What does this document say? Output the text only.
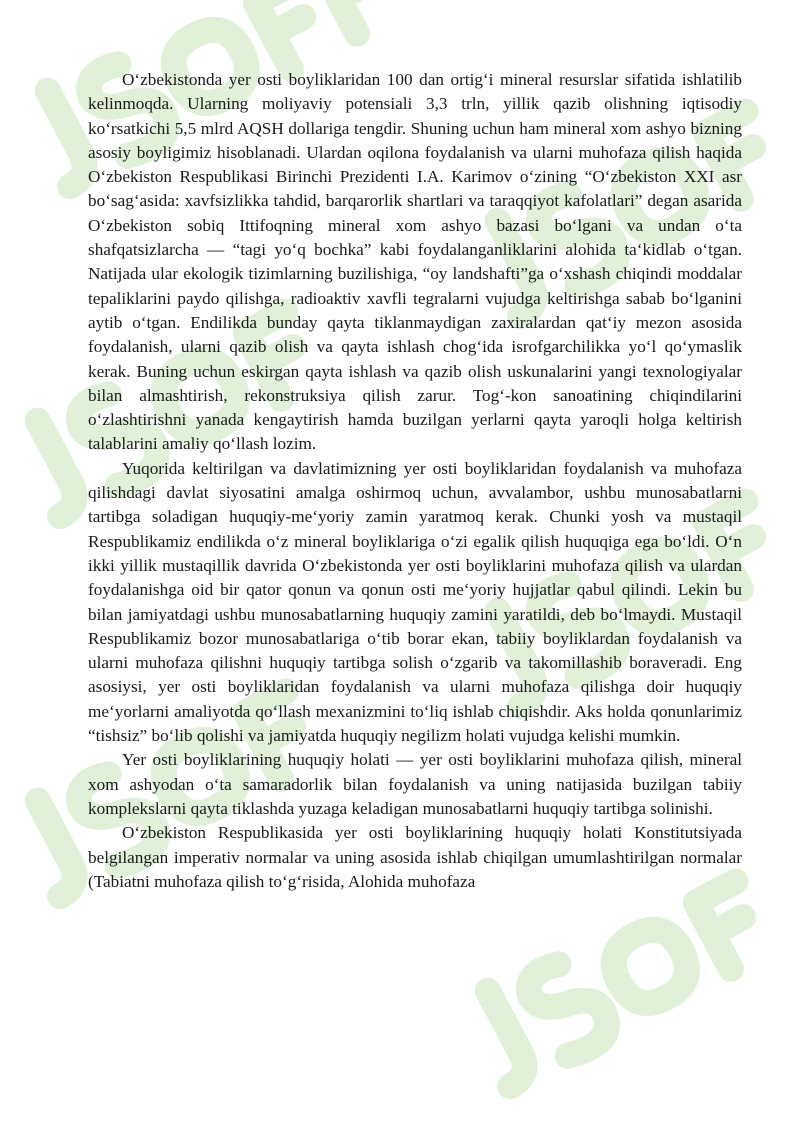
O‘zbekistonda yer osti boyliklaridan 100 dan ortig‘i mineral resurslar sifatida ishlatilib kelinmoqda. Ularning moliyaviy potensiali 3,3 trln, yillik qazib olishning iqtisodiy ko‘rsatkichi 5,5 mlrd AQSH dollariga tengdir. Shuning uchun ham mineral xom ashyo bizning asosiy boyligimiz hisoblanadi. Ulardan oqilona foydalanish va ularni muhofaza qilish haqida O‘zbekiston Respublikasi Birinchi Prezidenti I.A. Karimov o‘zining “O‘zbekiston XXI asr bo‘sag‘asida: xavfsizlikka tahdid, barqarorlik shartlari va taraqqiyot kafolatlari” degan asarida O‘zbekiston sobiq Ittifoqning mineral xom ashyo bazasi bo‘lgani va undan o‘ta shafqatsizlarcha — “tagi yo‘q bochka” kabi foydalanganliklarini alohida ta‘kidlab o‘tgan. Natijada ular ekologik tizimlarning buzilishiga, “oy landshafti”ga o‘xshash chiqindi moddalar tepaliklarini paydo qilishga, radioaktiv xavfli tegralarni vujudga keltirishga sabab bo‘lganini aytib o‘tgan. Endilikda bunday qayta tiklanmaydigan zaxiralardan qat‘iy mezon asosida foydalanish, ularni qazib olish va qayta ishlash chog‘ida isrofgarchilikka yo‘l qo‘ymaslik kerak. Buning uchun eskirgan qayta ishlash va qazib olish uskunalarini yangi texnologiyalar bilan almashtirish, rekonstruksiya qilish zarur. Tog‘-kon sanoatining chiqindilarini o‘zlashtirishni yanada kengaytirish hamda buzilgan yerlarni qayta yaroqli holga keltirish talablarini amaliy qo‘llash lozim.

Yuqorida keltirilgan va davlatimizning yer osti boyliklaridan foydalanish va muhofaza qilishdagi davlat siyosatini amalga oshirmoq uchun, avvalambor, ushbu munosabatlarni tartibga soladigan huquqiy-me‘yoriy zamin yaratmoq kerak. Chunki yosh va mustaqil Respublikamiz endilikda o‘z mineral boyliklariga o‘zi egalik qilish huquqiga ega bo‘ldi. O‘n ikki yillik mustaqillik davrida O‘zbekistonda yer osti boyliklarini muhofaza qilish va ulardan foydalanishga oid bir qator qonun va qonun osti me‘yoriy hujjatlar qabul qilindi. Lekin bu bilan jamiyatdagi ushbu munosabatlarning huquqiy zamini yaratildi, deb bo‘lmaydi. Mustaqil Respublikamiz bozor munosabatlariga o‘tib borar ekan, tabiiy boyliklardan foydalanish va ularni muhofaza qilishni huquqiy tartibga solish o‘zgarib va takomillashib boraveradi. Eng asosiysi, yer osti boyliklaridan foydalanish va ularni muhofaza qilishga doir huquqiy me‘yorlarni amaliyotda qo‘llash mexanizmini to‘liq ishlab chiqishdir. Aks holda qonunlarimiz “tishsiz” bo‘lib qolishi va jamiyatda huquqiy negilizm holati vujudga kelishi mumkin.

Yer osti boyliklarining huquqiy holati — yer osti boyliklarini muhofaza qilish, mineral xom ashyodan o‘ta samaradorlik bilan foydalanish va uning natijasida buzilgan tabiiy komplekslarni qayta tiklashda yuzaga keladigan munosabatlarni huquqiy tartibga solinishi.

O‘zbekiston Respublikasida yer osti boyliklarining huquqiy holati Konstitutsiyada belgilangan imperativ normalar va uning asosida ishlab chiqilgan umumlashtirilgan normalar (Tabiatni muhofaza qilish to‘g‘risida, Alohida muhofaza
